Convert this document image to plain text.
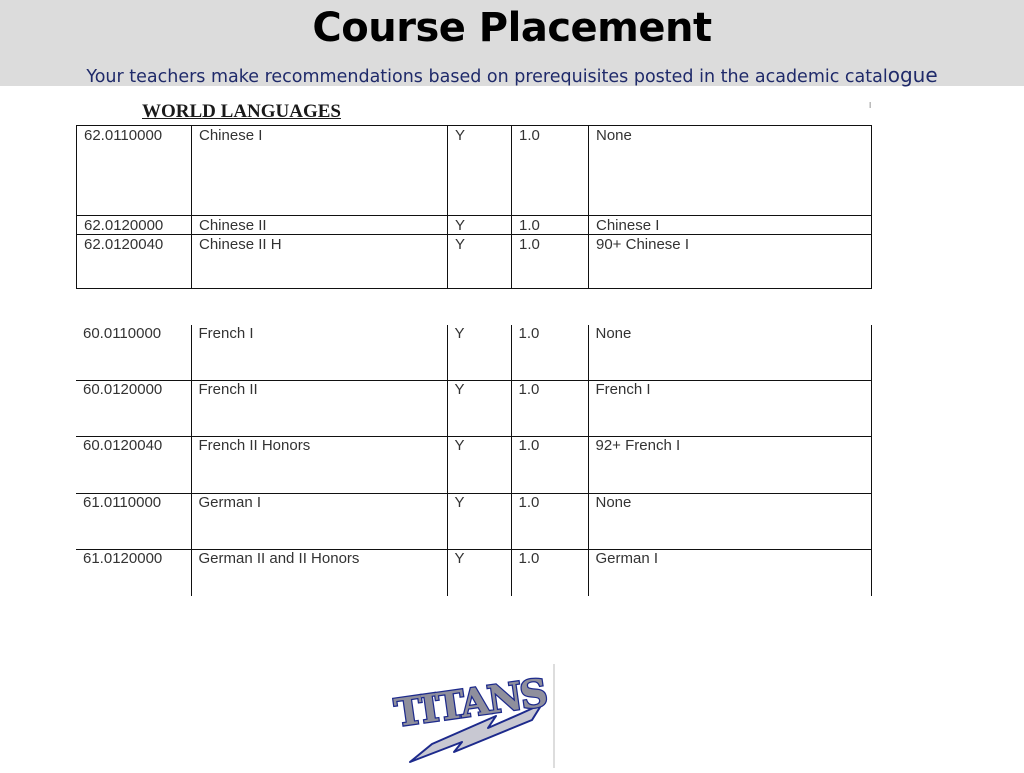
Course Placement
Your teachers make recommendations based on prerequisites posted in the academic catalogue
WORLD LANGUAGES	I
62.0110000	Chinese I	Y	1.0	None
62.0120000	Chinese II	Y	1.0	Chinese I
62.0120040	Chinese II H	Y	1.0	90+ Chinese I
60.0110000	French I	Y	1.0	None
60.0120000	French II	Y	1.0	French I
60.0120040	French II Honors	Y	1.0	92+ French I
61.0110000	German I	Y	1.0	None
61.0120000	German II and II Honors	Y	1.0	German I
TITANS
